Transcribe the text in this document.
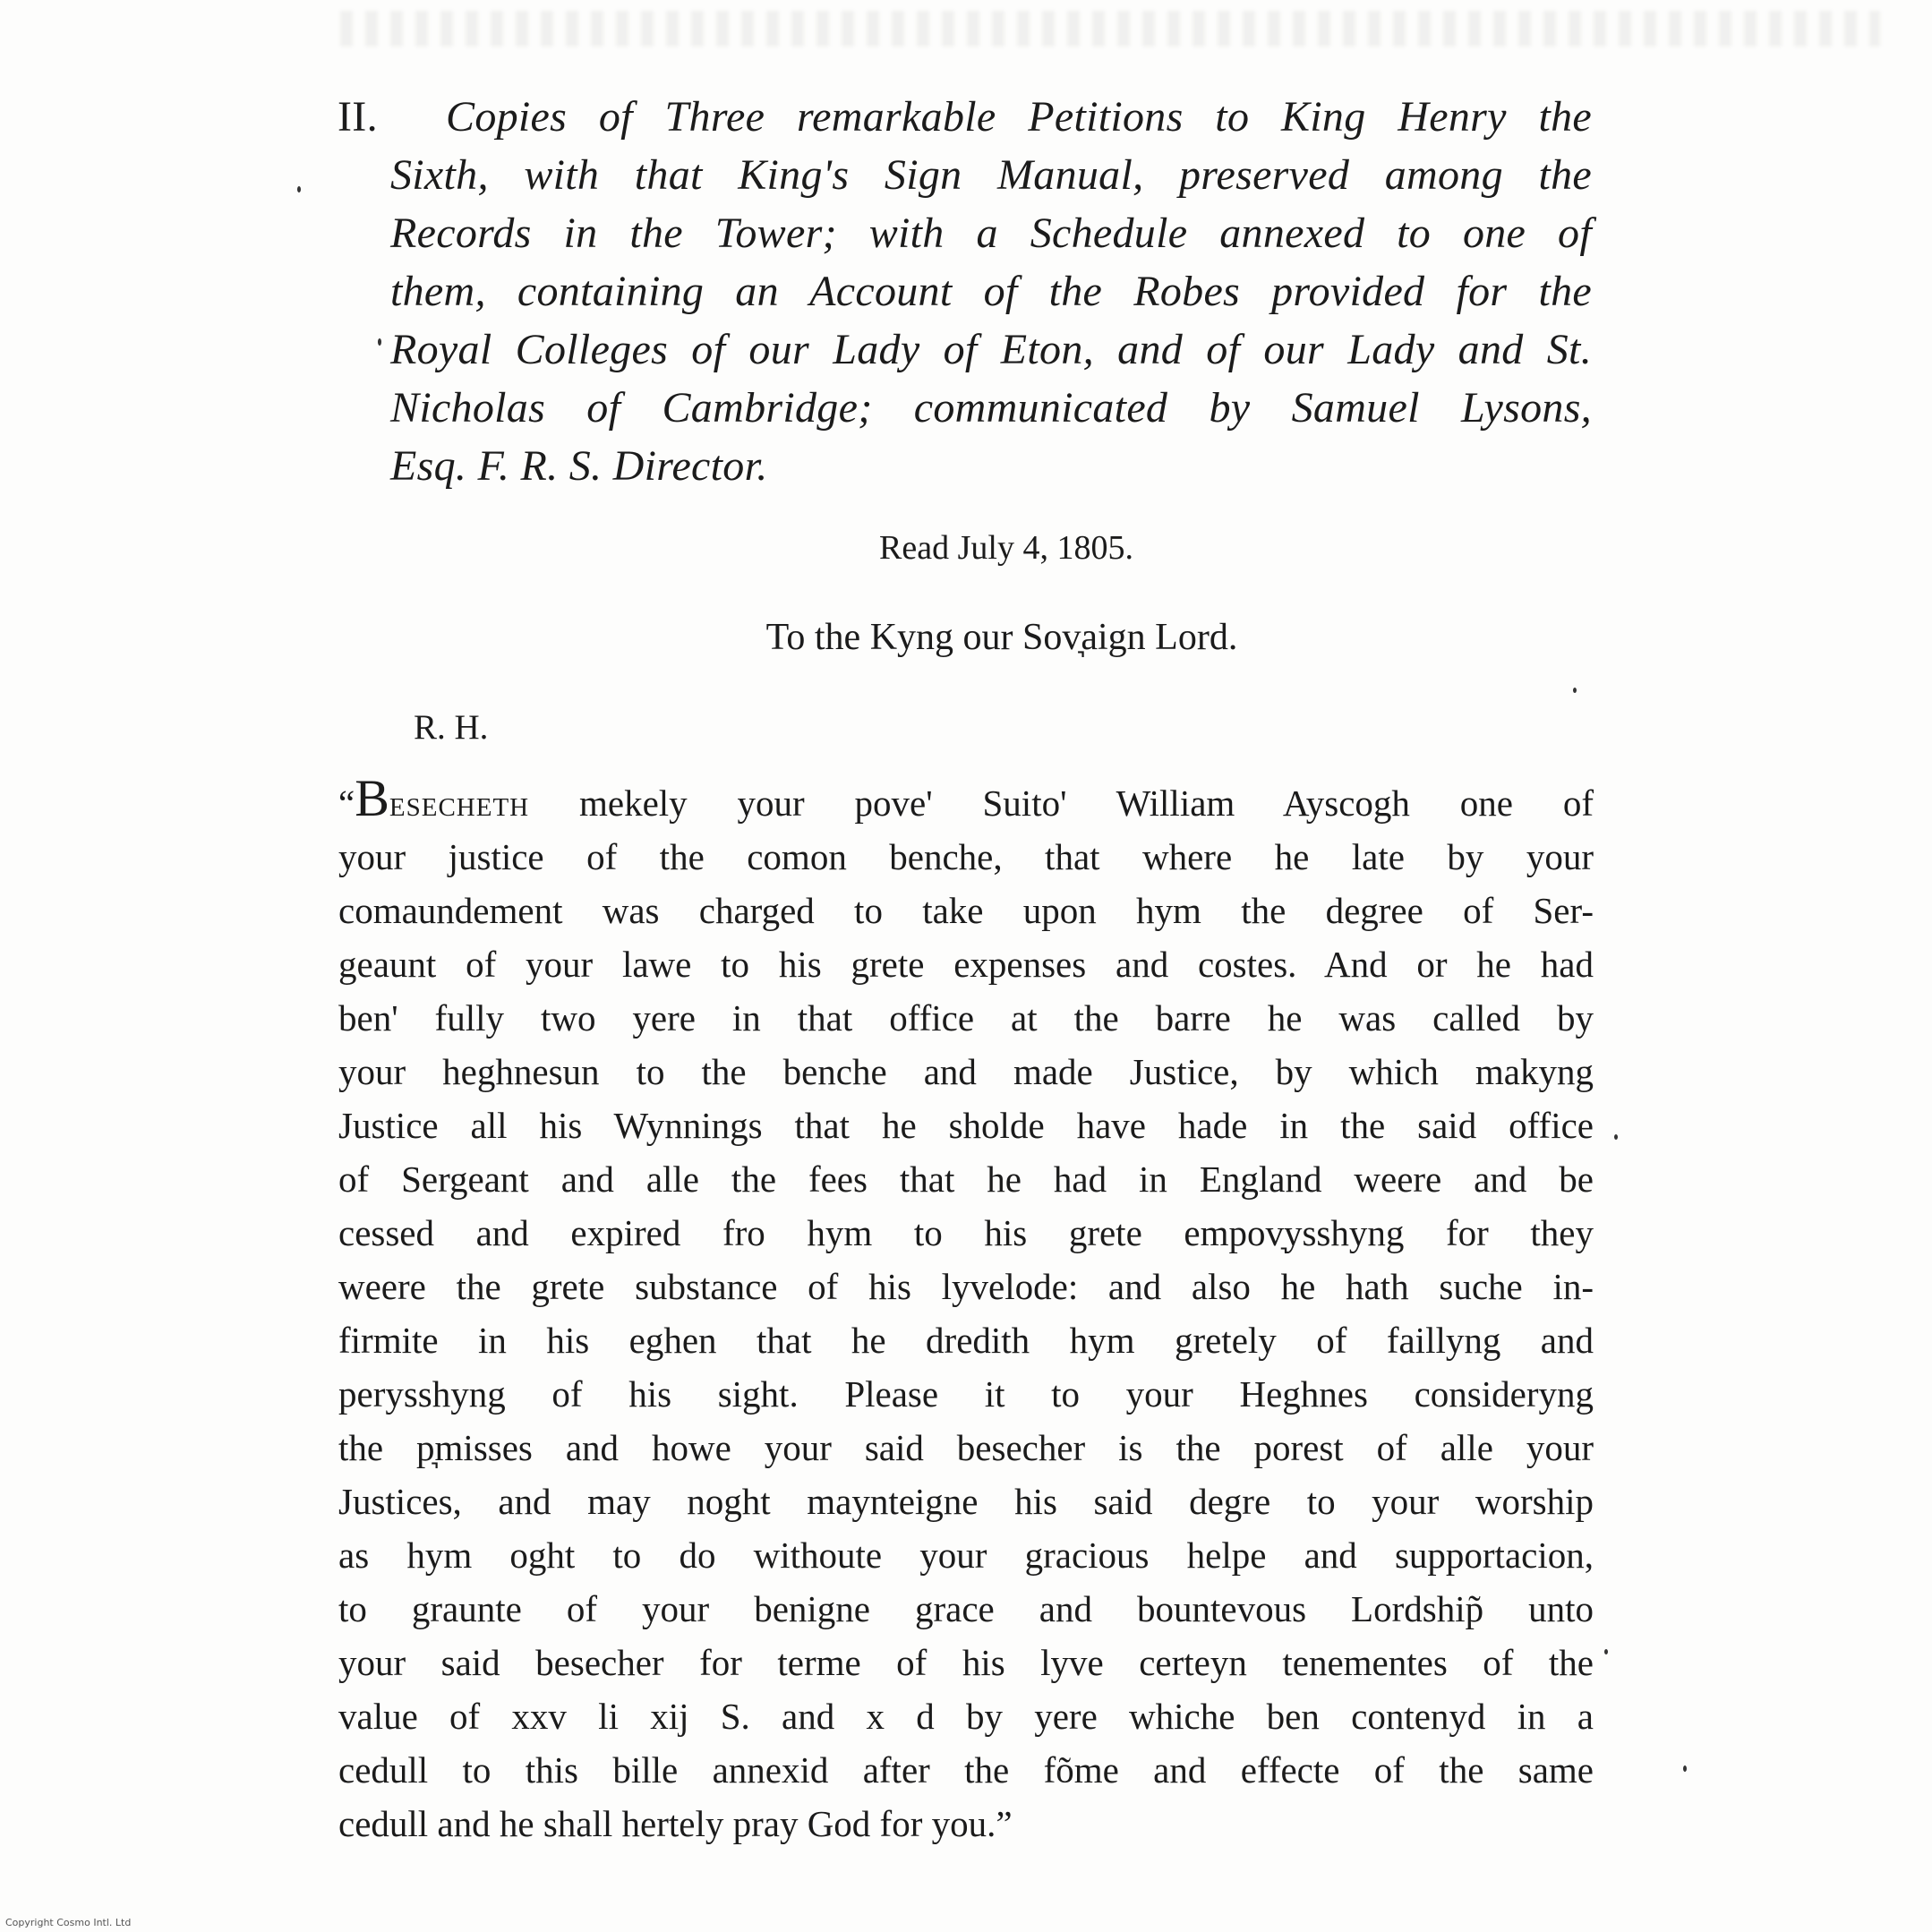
II. Copies of Three remarkable Petitions to King Henry the
Sixth, with that King's Sign Manual, preserved among the
Records in the Tower; with a Schedule annexed to one of
them, containing an Account of the Robes provided for the
Royal Colleges of our Lady of Eton, and of our Lady and St.
Nicholas of Cambridge; communicated by Samuel Lysons,
Esq. F. R. S. Director.
Read July 4, 1805.
To the Kyng our Sov͉aign Lord.
R. H.
“Besecheth mekely your pove' Suito' William Ayscogh one of
your justice of the comon benche, that where he late by your
comaundement was charged to take upon hym the degree of Ser-
geaunt of your lawe to his grete expenses and costes. And or he had
ben' fully two yere in that office at the barre he was called by
your heghnesun to the benche and made Justice, by which makyng
Justice all his Wynnings that he sholde have hade in the said office
of Sergeant and alle the fees that he had in England weere and be
cessed and expired fro hym to his grete empov͉ysshyng for they
weere the grete substance of his lyvelode: and also he hath suche in-
firmite in his eghen that he dredith hym gretely of faillyng and
perysshyng of his sight. Please it to your Heghnes consideryng
the p͉misses and howe your said besecher is the porest of alle your
Justices, and may noght maynteigne his said degre to your worship
as hym oght to do withoute your gracious helpe and supportacion,
to graunte of your benigne grace and bountevous Lordship̃ unto
your said besecher for terme of his lyve certeyn tenementes of the
value of xxv li xij S. and x d by yere whiche ben contenyd in a
cedull to this bille annexid after the fõme and effecte of the same
cedull and he shall hertely pray God for you.”
Copyright Cosmo Intl. Ltd
